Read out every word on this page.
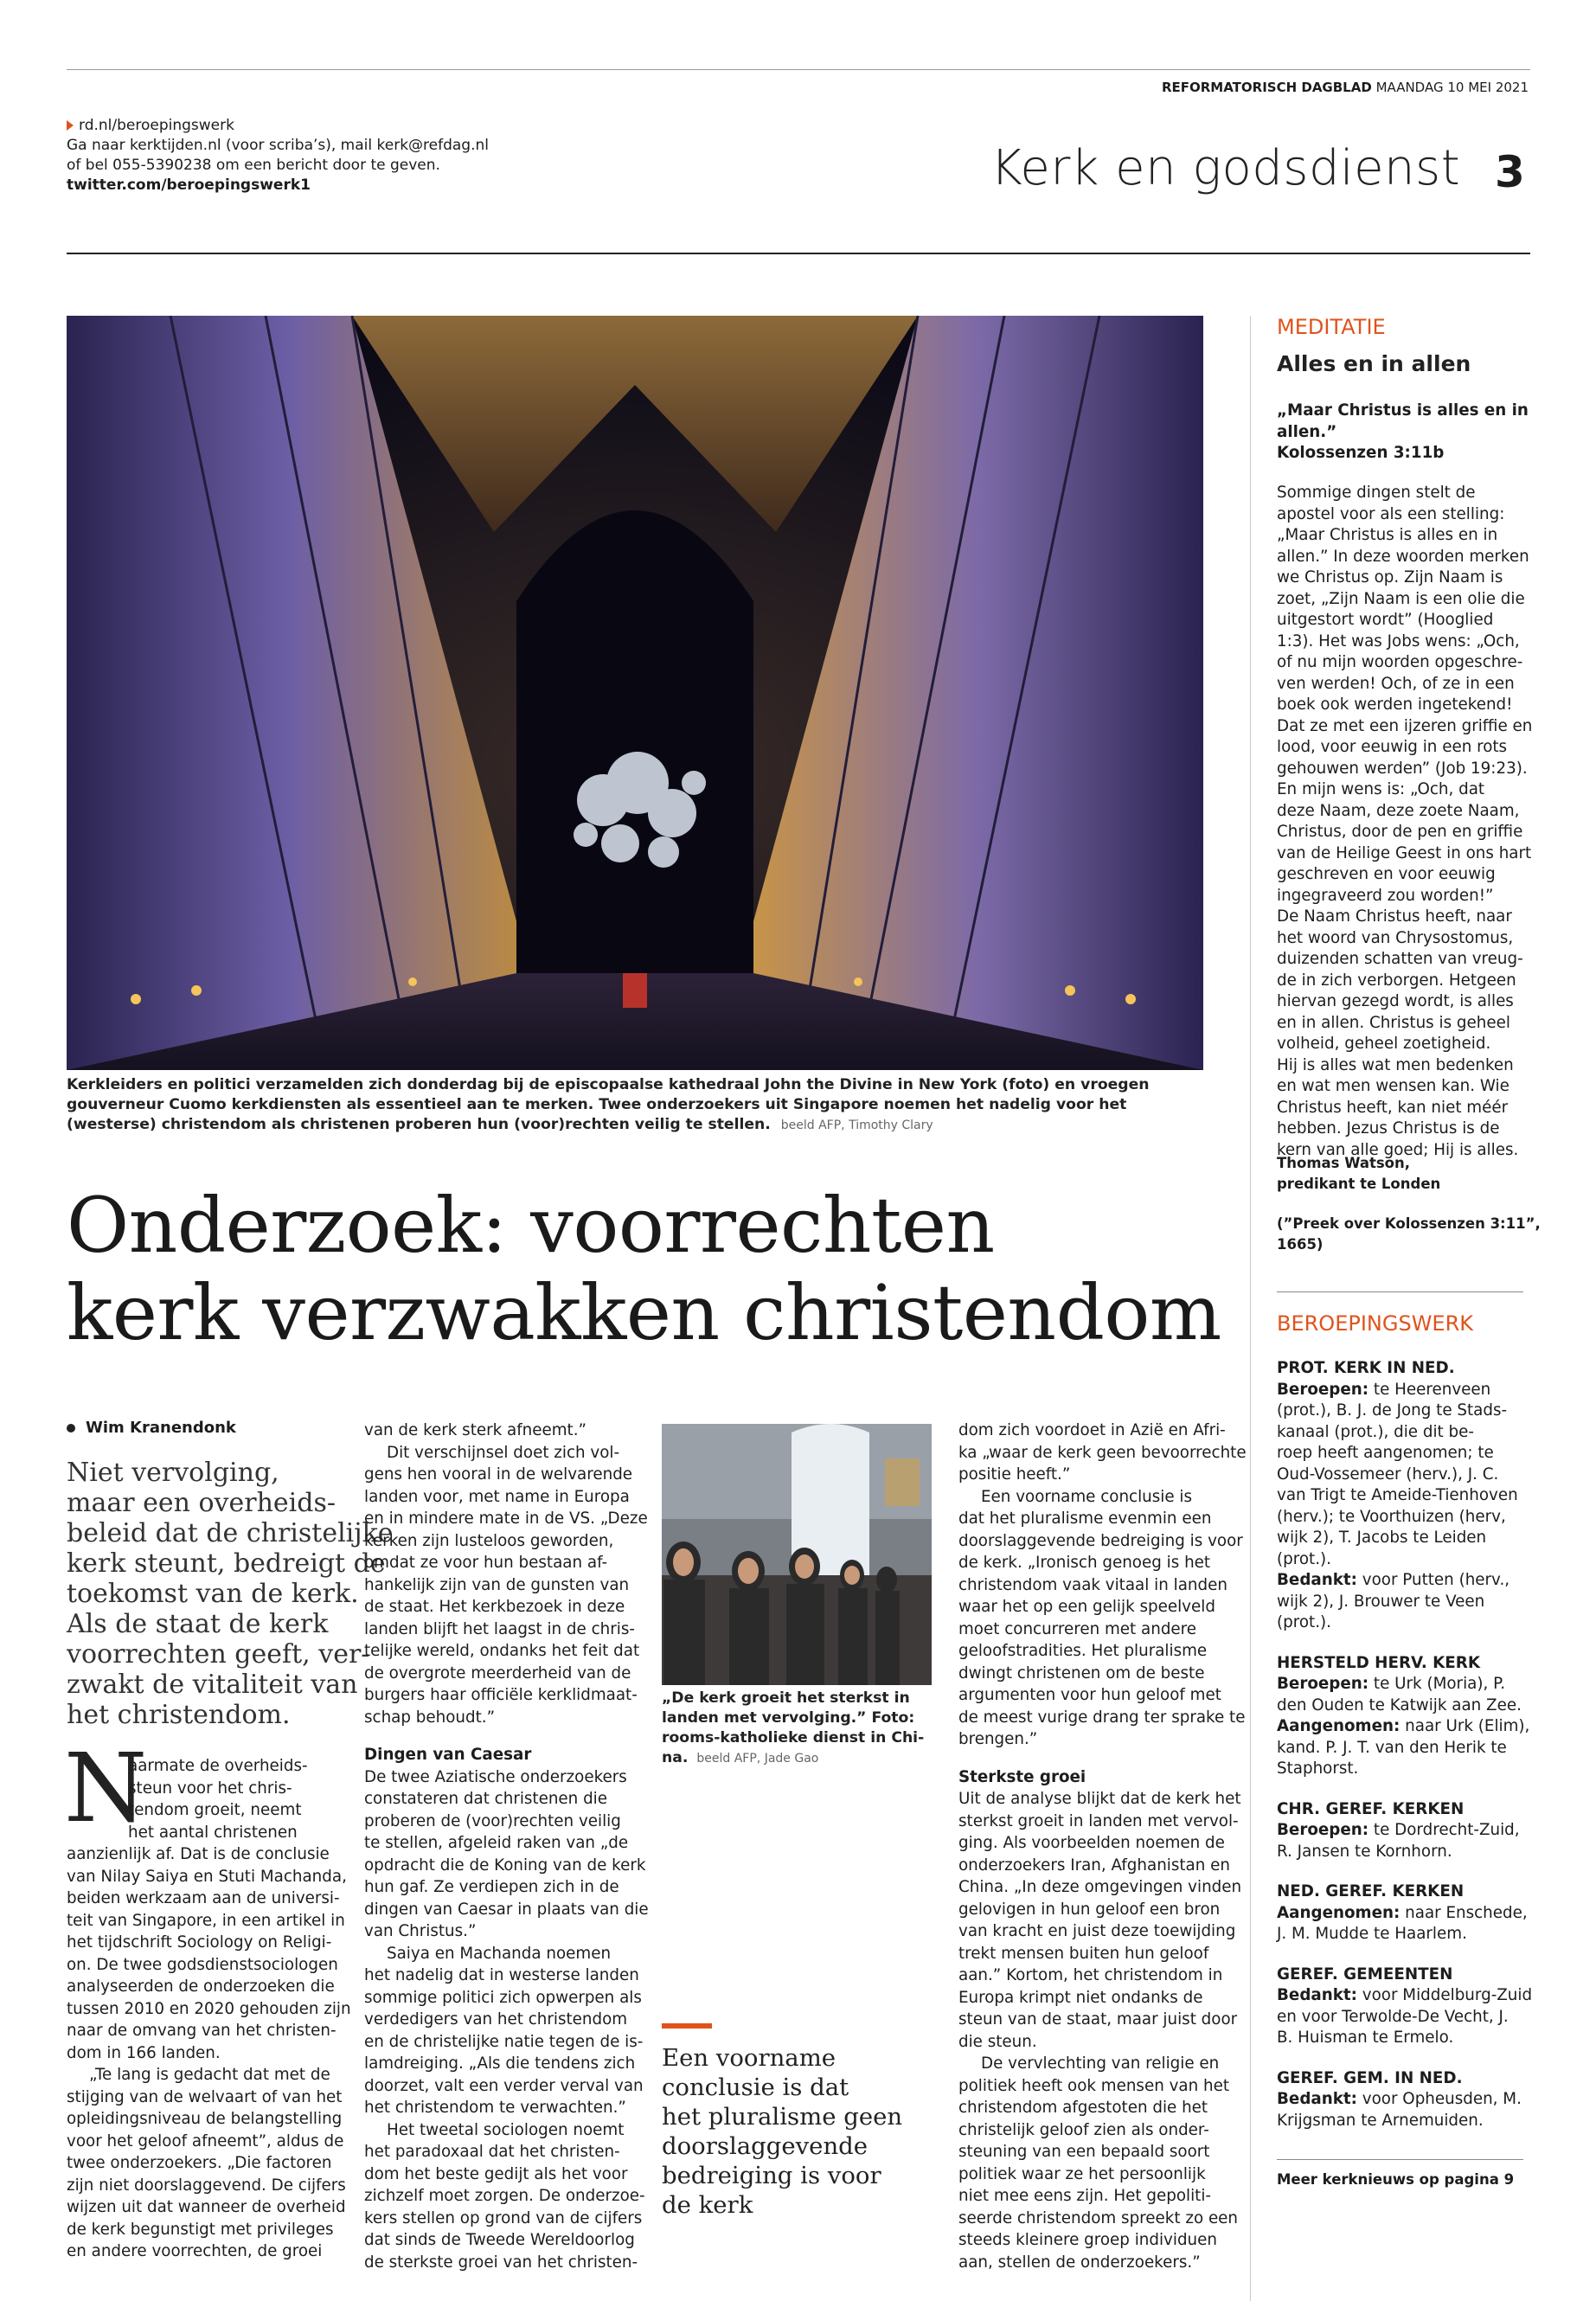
REFORMATORISCH DAGBLAD MAANDAG 10 MEI 2021
rd.nl/beroepingswerk
Ga naar kerktijden.nl (voor scriba’s), mail kerk@refdag.nl
of bel 055-5390238 om een bericht door te geven.
twitter.com/beroepingswerk1	Kerk en godsdienst 3
Kerkleiders en politici verzamelden zich donderdag bij de episcopaalse kathedraal John the Divine in New York (foto) en vroegen gouverneur Cuomo kerkdiensten als essentieel aan te merken. Twee onderzoekers uit Singapore noemen het nadelig voor het (westerse) christendom als christenen proberen hun (voor)rechten veilig te stellen. beeld AFP, Timothy Clary
Onderzoek: voorrechten
kerk verzwakken christendom
Wim Kranendonk
Niet vervolging,
maar een overheids-
beleid dat de christelijke
kerk steunt, bedreigt de
toekomst van de kerk.
Als de staat de kerk
voorrechten geeft, ver-
zwakt de vitaliteit van
het christendom.
N
aarmate de overheids-
steun voor het chris-
tendom groeit, neemt
het aantal christenen
aanzienlijk af. Dat is de conclusie
van Nilay Saiya en Stuti Machanda,
beiden werkzaam aan de universi-
teit van Singapore, in een artikel in
het tijdschrift Sociology on Religi-
on. De twee godsdienstsociologen
analyseerden de onderzoeken die
tussen 2010 en 2020 gehouden zijn
naar de omvang van het christen-
dom in 166 landen.
„Te lang is gedacht dat met de
stijging van de welvaart of van het
opleidingsniveau de belangstelling
voor het geloof afneemt”, aldus de
twee onderzoekers. „Die factoren
zijn niet doorslaggevend. De cijfers
wijzen uit dat wanneer de overheid
de kerk begunstigt met privileges
en andere voorrechten, de groei
van de kerk sterk afneemt.”
Dit verschijnsel doet zich vol-
gens hen vooral in de welvarende
landen voor, met name in Europa
en in mindere mate in de VS. „Deze
kerken zijn lusteloos geworden,
omdat ze voor hun bestaan af-
hankelijk zijn van de gunsten van
de staat. Het kerkbezoek in deze
landen blijft het laagst in de chris-
telijke wereld, ondanks het feit dat
de overgrote meerderheid van de
burgers haar officiële kerklidmaat-
schap behoudt.”
Dingen van Caesar
De twee Aziatische onderzoekers
constateren dat christenen die
proberen de (voor)rechten veilig
te stellen, afgeleid raken van „de
opdracht die de Koning van de kerk
hun gaf. Ze verdiepen zich in de
dingen van Caesar in plaats van die
van Christus.”
Saiya en Machanda noemen
het nadelig dat in westerse landen
sommige politici zich opwerpen als
verdedigers van het christendom
en de christelijke natie tegen de is-
lamdreiging. „Als die tendens zich
doorzet, valt een verder verval van
het christendom te verwachten.”
Het tweetal sociologen noemt
het paradoxaal dat het christen-
dom het beste gedijt als het voor
zichzelf moet zorgen. De onderzoe-
kers stellen op grond van de cijfers
dat sinds de Tweede Wereldoorlog
de sterkste groei van het christen-
„De kerk groeit het sterkst in
landen met vervolging.” Foto:
rooms-katholieke dienst in Chi-
na. beeld AFP, Jade Gao
Een voorname
conclusie is dat
het pluralisme geen
doorslaggevende
bedreiging is voor
de kerk
dom zich voordoet in Azië en Afri-
ka „waar de kerk geen bevoorrechte
positie heeft.”
Een voorname conclusie is
dat het pluralisme evenmin een
doorslaggevende bedreiging is voor
de kerk. „Ironisch genoeg is het
christendom vaak vitaal in landen
waar het op een gelijk speelveld
moet concurreren met andere
geloofstradities. Het pluralisme
dwingt christenen om de beste
argumenten voor hun geloof met
de meest vurige drang ter sprake te
brengen.”
Sterkste groei
Uit de analyse blijkt dat de kerk het
sterkst groeit in landen met vervol-
ging. Als voorbeelden noemen de
onderzoekers Iran, Afghanistan en
China. „In deze omgevingen vinden
gelovigen in hun geloof een bron
van kracht en juist deze toewijding
trekt mensen buiten hun geloof
aan.” Kortom, het christendom in
Europa krimpt niet ondanks de
steun van de staat, maar juist door
die steun.
De vervlechting van religie en
politiek heeft ook mensen van het
christendom afgestoten die het
christelijk geloof zien als onder-
steuning van een bepaald soort
politiek waar ze het persoonlijk
niet mee eens zijn. Het gepoliti-
seerde christendom spreekt zo een
steeds kleinere groep individuen
aan, stellen de onderzoekers.”
MEDITATIE
Alles en in allen
„Maar Christus is alles en in
allen.”
Kolossenzen 3:11b
Sommige dingen stelt de
apostel voor als een stelling:
„Maar Christus is alles en in
allen.” In deze woorden merken
we Christus op. Zijn Naam is
zoet, „Zijn Naam is een olie die
uitgestort wordt” (Hooglied
1:3). Het was Jobs wens: „Och,
of nu mijn woorden opgeschre-
ven werden! Och, of ze in een
boek ook werden ingetekend!
Dat ze met een ijzeren griffie en
lood, voor eeuwig in een rots
gehouwen werden” (Job 19:23).
En mijn wens is: „Och, dat
deze Naam, deze zoete Naam,
Christus, door de pen en griffie
van de Heilige Geest in ons hart
geschreven en voor eeuwig
ingegraveerd zou worden!”
De Naam Christus heeft, naar
het woord van Chrysostomus,
duizenden schatten van vreug-
de in zich verborgen. Hetgeen
hiervan gezegd wordt, is alles
en in allen. Christus is geheel
volheid, geheel zoetigheid.
Hij is alles wat men bedenken
en wat men wensen kan. Wie
Christus heeft, kan niet méér
hebben. Jezus Christus is de
kern van alle goed; Hij is alles.
Thomas Watson,
predikant te Londen
(”Preek over Kolossenzen 3:11”,
1665)
BEROEPINGSWERK
PROT. KERK IN NED.
Beroepen: te Heerenveen
(prot.), B. J. de Jong te Stads-
kanaal (prot.), die dit be-
roep heeft aangenomen; te
Oud-Vossemeer (herv.), J. C.
van Trigt te Ameide-Tienhoven
(herv.); te Voorthuizen (herv,
wijk 2), T. Jacobs te Leiden
(prot.).
Bedankt: voor Putten (herv.,
wijk 2), J. Brouwer te Veen
(prot.).
HERSTELD HERV. KERK
Beroepen: te Urk (Moria), P.
den Ouden te Katwijk aan Zee.
Aangenomen: naar Urk (Elim),
kand. P. J. T. van den Herik te
Staphorst.
CHR. GEREF. KERKEN
Beroepen: te Dordrecht-Zuid,
R. Jansen te Kornhorn.
NED. GEREF. KERKEN
Aangenomen: naar Enschede,
J. M. Mudde te Haarlem.
GEREF. GEMEENTEN
Bedankt: voor Middelburg-Zuid
en voor Terwolde-De Vecht, J.
B. Huisman te Ermelo.
GEREF. GEM. IN NED.
Bedankt: voor Opheusden, M.
Krijgsman te Arnemuiden.
Meer kerknieuws op pagina 9
